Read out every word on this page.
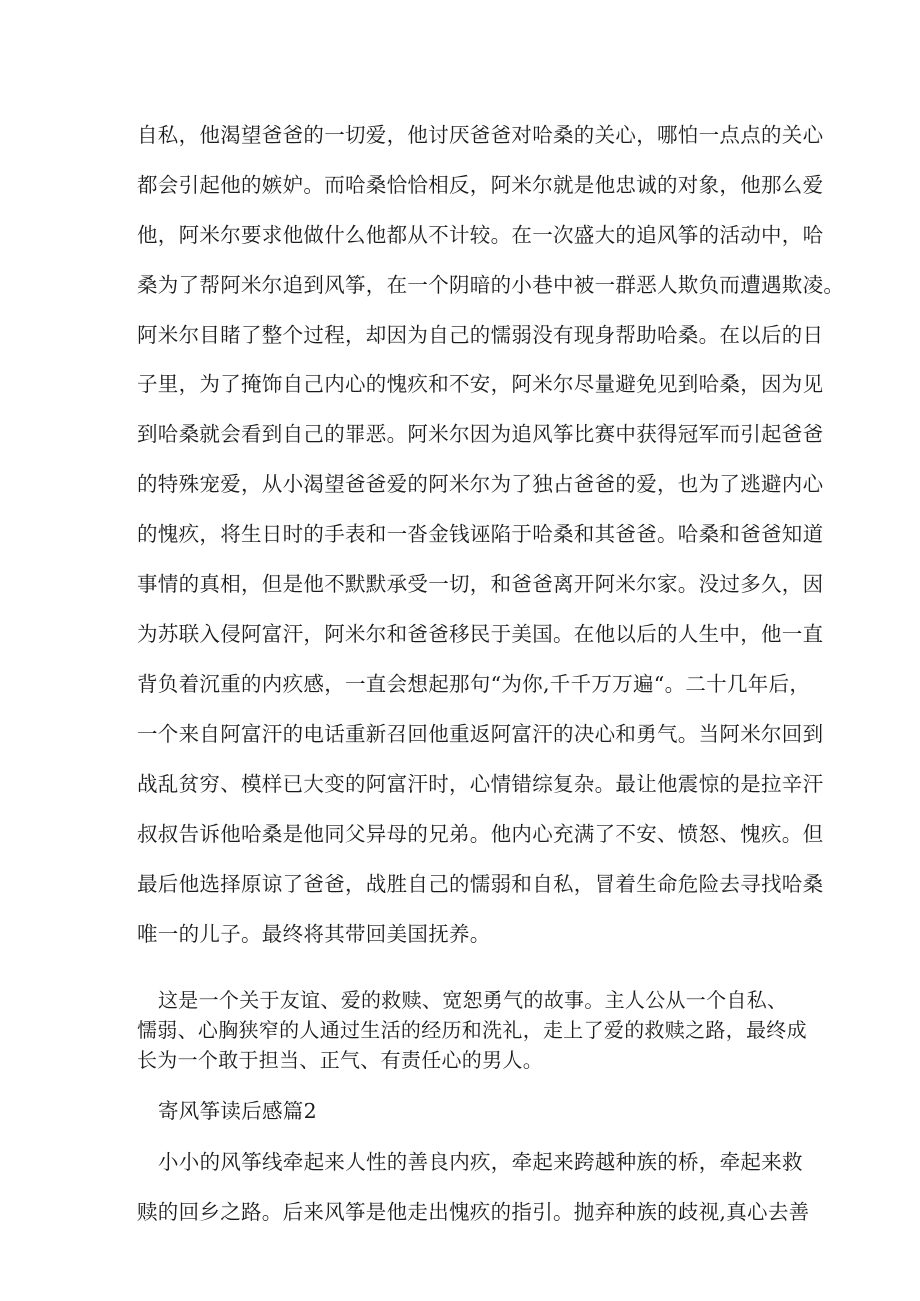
自私，他渴望爸爸的一切爱，他讨厌爸爸对哈桑的关心，哪怕一点点的关心
都会引起他的嫉妒。而哈桑恰恰相反，阿米尔就是他忠诚的对象，他那么爱
他，阿米尔要求他做什么他都从不计较。在一次盛大的追风筝的活动中，哈
桑为了帮阿米尔追到风筝，在一个阴暗的小巷中被一群恶人欺负而遭遇欺凌。
阿米尔目睹了整个过程，却因为自己的懦弱没有现身帮助哈桑。在以后的日
子里，为了掩饰自己内心的愧疚和不安，阿米尔尽量避免见到哈桑，因为见
到哈桑就会看到自己的罪恶。阿米尔因为追风筝比赛中获得冠军而引起爸爸
的特殊宠爱，从小渴望爸爸爱的阿米尔为了独占爸爸的爱，也为了逃避内心
的愧疚，将生日时的手表和一沓金钱诬陷于哈桑和其爸爸。哈桑和爸爸知道
事情的真相，但是他不默默承受一切，和爸爸离开阿米尔家。没过多久，因
为苏联入侵阿富汗，阿米尔和爸爸移民于美国。在他以后的人生中，他一直
背负着沉重的内疚感，一直会想起那句“为你,千千万万遍“。二十几年后，
一个来自阿富汗的电话重新召回他重返阿富汗的决心和勇气。当阿米尔回到
战乱贫穷、模样已大变的阿富汗时，心情错综复杂。最让他震惊的是拉辛汗
叔叔告诉他哈桑是他同父异母的兄弟。他内心充满了不安、愤怒、愧疚。但
最后他选择原谅了爸爸，战胜自己的懦弱和自私，冒着生命危险去寻找哈桑
唯一的儿子。最终将其带回美国抚养。
这是一个关于友谊、爱的救赎、宽恕勇气的故事。主人公从一个自私、
懦弱、心胸狭窄的人通过生活的经历和洗礼，走上了爱的救赎之路，最终成
长为一个敢于担当、正气、有责任心的男人。
寄风筝读后感篇2
小小的风筝线牵起来人性的善良内疚，牵起来跨越种族的桥，牵起来救
赎的回乡之路。后来风筝是他走出愧疚的指引。抛弃种族的歧视,真心去善
